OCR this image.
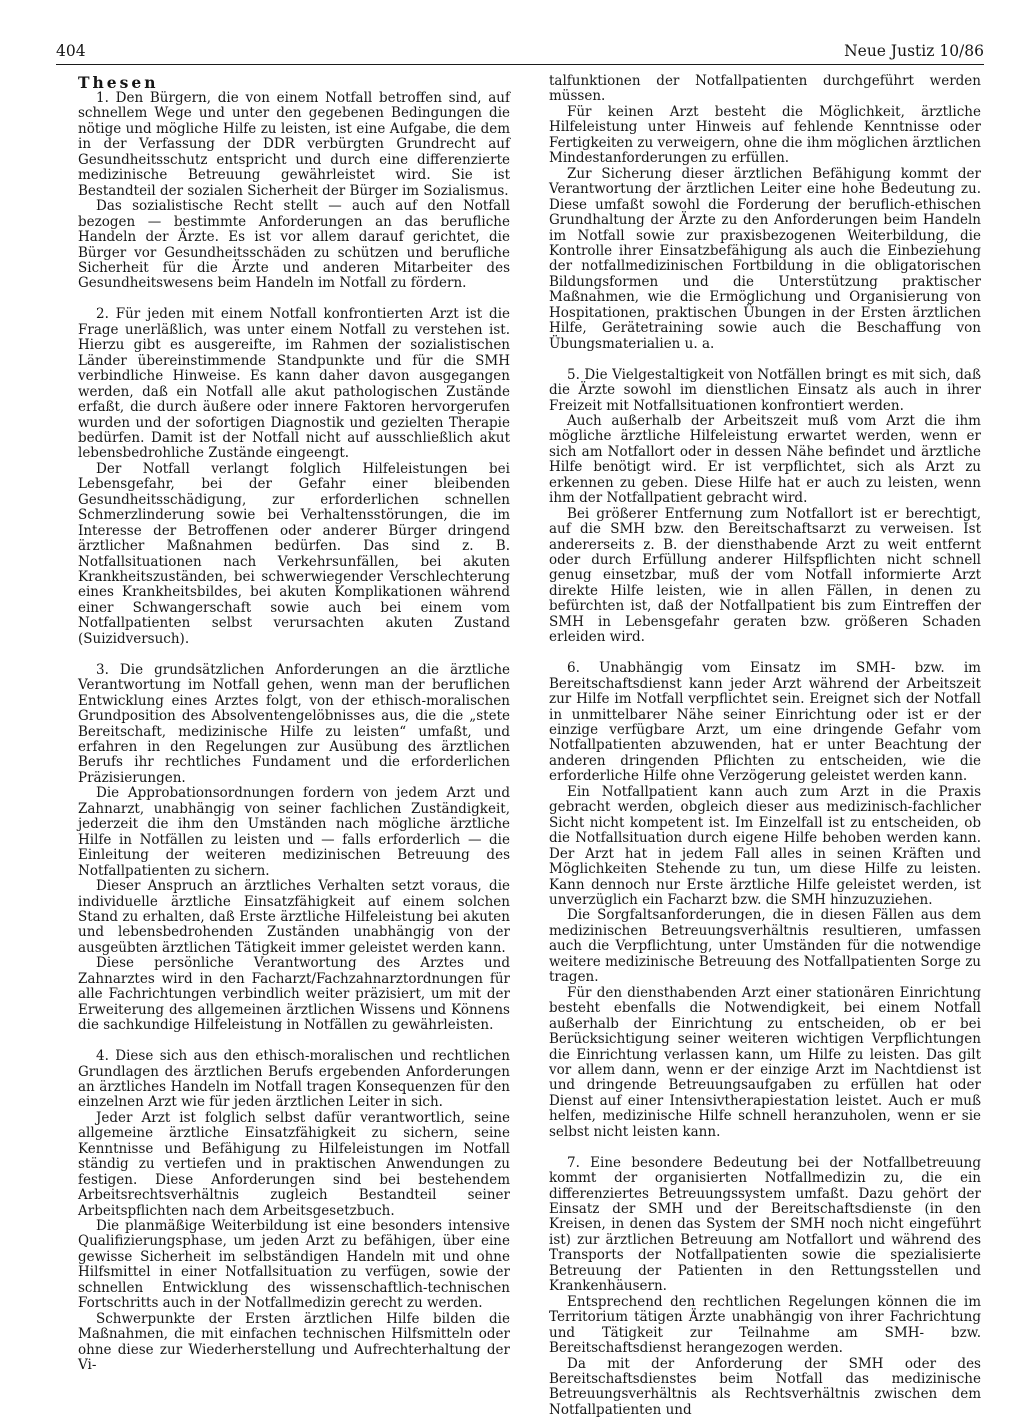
404	Neue Justiz 10/86
Thesen

1. Den Bürgern, die von einem Notfall betroffen sind, auf schnellem Wege und unter den gegebenen Bedingungen die nötige und mögliche Hilfe zu leisten, ist eine Aufgabe, die dem in der Verfassung der DDR verbürgten Grundrecht auf Gesundheitsschutz entspricht und durch eine differenzierte medizinische Betreuung gewährleistet wird. Sie ist Bestandteil der sozialen Sicherheit der Bürger im Sozialismus.

Das sozialistische Recht stellt — auch auf den Notfall bezogen — bestimmte Anforderungen an das berufliche Handeln der Ärzte. Es ist vor allem darauf gerichtet, die Bürger vor Gesundheitsschäden zu schützen und berufliche Sicherheit für die Ärzte und anderen Mitarbeiter des Gesundheitswesens beim Handeln im Notfall zu fördern.

2. Für jeden mit einem Notfall konfrontierten Arzt ist die Frage unerläßlich, was unter einem Notfall zu verstehen ist. Hierzu gibt es ausgereifte, im Rahmen der sozialistischen Länder übereinstimmende Standpunkte und für die SMH verbindliche Hinweise. Es kann daher davon ausgegangen werden, daß ein Notfall alle akut pathologischen Zustände erfaßt, die durch äußere oder innere Faktoren hervorgerufen wurden und der sofortigen Diagnostik und gezielten Therapie bedürfen. Damit ist der Notfall nicht auf ausschließlich akut lebensbedrohliche Zustände eingeengt.

Der Notfall verlangt folglich Hilfeleistungen bei Lebensgefahr, bei der Gefahr einer bleibenden Gesundheitsschädigung, zur erforderlichen schnellen Schmerzlinderung sowie bei Verhaltensstörungen, die im Interesse der Betroffenen oder anderer Bürger dringend ärztlicher Maßnahmen bedürfen. Das sind z. B. Notfallsituationen nach Verkehrsunfällen, bei akuten Krankheitszuständen, bei schwerwiegender Verschlechterung eines Krankheitsbildes, bei akuten Komplikationen während einer Schwangerschaft sowie auch bei einem vom Notfallpatienten selbst verursachten akuten Zustand (Suizidversuch).

3. Die grundsätzlichen Anforderungen an die ärztliche Verantwortung im Notfall gehen, wenn man der beruflichen Entwicklung eines Arztes folgt, von der ethisch-moralischen Grundposition des Absolventengelöbnisses aus, die die „stete Bereitschaft, medizinische Hilfe zu leisten“ umfaßt, und erfahren in den Regelungen zur Ausübung des ärztlichen Berufs ihr rechtliches Fundament und die erforderlichen Präzisierungen.

Die Approbationsordnungen fordern von jedem Arzt und Zahnarzt, unabhängig von seiner fachlichen Zuständigkeit, jederzeit die ihm den Umständen nach mögliche ärztliche Hilfe in Notfällen zu leisten und — falls erforderlich — die Einleitung der weiteren medizinischen Betreuung des Notfallpatienten zu sichern.

Dieser Anspruch an ärztliches Verhalten setzt voraus, die individuelle ärztliche Einsatzfähigkeit auf einem solchen Stand zu erhalten, daß Erste ärztliche Hilfeleistung bei akuten und lebensbedrohenden Zuständen unabhängig von der ausgeübten ärztlichen Tätigkeit immer geleistet werden kann.

Diese persönliche Verantwortung des Arztes und Zahnarztes wird in den Facharzt/Fachzahnarztordnungen für alle Fachrichtungen verbindlich weiter präzisiert, um mit der Erweiterung des allgemeinen ärztlichen Wissens und Könnens die sachkundige Hilfeleistung in Notfällen zu gewährleisten.

4. Diese sich aus den ethisch-moralischen und rechtlichen Grundlagen des ärztlichen Berufs ergebenden Anforderungen an ärztliches Handeln im Notfall tragen Konsequenzen für den einzelnen Arzt wie für jeden ärztlichen Leiter in sich.

Jeder Arzt ist folglich selbst dafür verantwortlich, seine allgemeine ärztliche Einsatzfähigkeit zu sichern, seine Kenntnisse und Befähigung zu Hilfeleistungen im Notfall ständig zu vertiefen und in praktischen Anwendungen zu festigen. Diese Anforderungen sind bei bestehendem Arbeitsrechtsverhältnis zugleich Bestandteil seiner Arbeitspflichten nach dem Arbeitsgesetzbuch.

Die planmäßige Weiterbildung ist eine besonders intensive Qualifizierungsphase, um jeden Arzt zu befähigen, über eine gewisse Sicherheit im selbständigen Handeln mit und ohne Hilfsmittel in einer Notfallsituation zu verfügen, sowie der schnellen Entwicklung des wissenschaftlich-technischen Fortschritts auch in der Notfallmedizin gerecht zu werden.

Schwerpunkte der Ersten ärztlichen Hilfe bilden die Maßnahmen, die mit einfachen technischen Hilfsmitteln oder ohne diese zur Wiederherstellung und Aufrechterhaltung der Vi-

talfunktionen der Notfallpatienten durchgeführt werden müssen.

Für keinen Arzt besteht die Möglichkeit, ärztliche Hilfeleistung unter Hinweis auf fehlende Kenntnisse oder Fertigkeiten zu verweigern, ohne die ihm möglichen ärztlichen Mindestanforderungen zu erfüllen.

Zur Sicherung dieser ärztlichen Befähigung kommt der Verantwortung der ärztlichen Leiter eine hohe Bedeutung zu. Diese umfaßt sowohl die Forderung der beruflich-ethischen Grundhaltung der Ärzte zu den Anforderungen beim Handeln im Notfall sowie zur praxisbezogenen Weiterbildung, die Kontrolle ihrer Einsatzbefähigung als auch die Einbeziehung der notfallmedizinischen Fortbildung in die obligatorischen Bildungsformen und die Unterstützung praktischer Maßnahmen, wie die Ermöglichung und Organisierung von Hospitationen, praktischen Übungen in der Ersten ärztlichen Hilfe, Gerätetraining sowie auch die Beschaffung von Übungsmaterialien u. a.

5. Die Vielgestaltigkeit von Notfällen bringt es mit sich, daß die Ärzte sowohl im dienstlichen Einsatz als auch in ihrer Freizeit mit Notfallsituationen konfrontiert werden.

Auch außerhalb der Arbeitszeit muß vom Arzt die ihm mögliche ärztliche Hilfeleistung erwartet werden, wenn er sich am Notfallort oder in dessen Nähe befindet und ärztliche Hilfe benötigt wird. Er ist verpflichtet, sich als Arzt zu erkennen zu geben. Diese Hilfe hat er auch zu leisten, wenn ihm der Notfallpatient gebracht wird.

Bei größerer Entfernung zum Notfallort ist er berechtigt, auf die SMH bzw. den Bereitschaftsarzt zu verweisen. Ist andererseits z. B. der diensthabende Arzt zu weit entfernt oder durch Erfüllung anderer Hilfspflichten nicht schnell genug einsetzbar, muß der vom Notfall informierte Arzt direkte Hilfe leisten, wie in allen Fällen, in denen zu befürchten ist, daß der Notfallpatient bis zum Eintreffen der SMH in Lebensgefahr geraten bzw. größeren Schaden erleiden wird.

6. Unabhängig vom Einsatz im SMH- bzw. im Bereitschaftsdienst kann jeder Arzt während der Arbeitszeit zur Hilfe im Notfall verpflichtet sein. Ereignet sich der Notfall in unmittelbarer Nähe seiner Einrichtung oder ist er der einzige verfügbare Arzt, um eine dringende Gefahr vom Notfallpatienten abzuwenden, hat er unter Beachtung der anderen dringenden Pflichten zu entscheiden, wie die erforderliche Hilfe ohne Verzögerung geleistet werden kann.

Ein Notfallpatient kann auch zum Arzt in die Praxis gebracht werden, obgleich dieser aus medizinisch-fachlicher Sicht nicht kompetent ist. Im Einzelfall ist zu entscheiden, ob die Notfallsituation durch eigene Hilfe behoben werden kann. Der Arzt hat in jedem Fall alles in seinen Kräften und Möglichkeiten Stehende zu tun, um diese Hilfe zu leisten. Kann dennoch nur Erste ärztliche Hilfe geleistet werden, ist unverzüglich ein Facharzt bzw. die SMH hinzuzuziehen.

Die Sorgfaltsanforderungen, die in diesen Fällen aus dem medizinischen Betreuungsverhältnis resultieren, umfassen auch die Verpflichtung, unter Umständen für die notwendige weitere medizinische Betreuung des Notfallpatienten Sorge zu tragen.

Für den diensthabenden Arzt einer stationären Einrichtung besteht ebenfalls die Notwendigkeit, bei einem Notfall außerhalb der Einrichtung zu entscheiden, ob er bei Berücksichtigung seiner weiteren wichtigen Verpflichtungen die Einrichtung verlassen kann, um Hilfe zu leisten. Das gilt vor allem dann, wenn er der einzige Arzt im Nachtdienst ist und dringende Betreuungsaufgaben zu erfüllen hat oder Dienst auf einer Intensivtherapiestation leistet. Auch er muß helfen, medizinische Hilfe schnell heranzuholen, wenn er sie selbst nicht leisten kann.

7. Eine besondere Bedeutung bei der Notfallbetreuung kommt der organisierten Notfallmedizin zu, die ein differenziertes Betreuungssystem umfaßt. Dazu gehört der Einsatz der SMH und der Bereitschaftsdienste (in den Kreisen, in denen das System der SMH noch nicht eingeführt ist) zur ärztlichen Betreuung am Notfallort und während des Transports der Notfallpatienten sowie die spezialisierte Betreuung der Patienten in den Rettungsstellen und Krankenhäusern.

Entsprechend den rechtlichen Regelungen können die im Territorium tätigen Ärzte unabhängig von ihrer Fachrichtung und Tätigkeit zur Teilnahme am SMH- bzw. Bereitschaftsdienst herangezogen werden.

Da mit der Anforderung der SMH oder des Bereitschaftsdienstes beim Notfall das medizinische Betreuungsverhältnis als Rechtsverhältnis zwischen dem Notfallpatienten und
